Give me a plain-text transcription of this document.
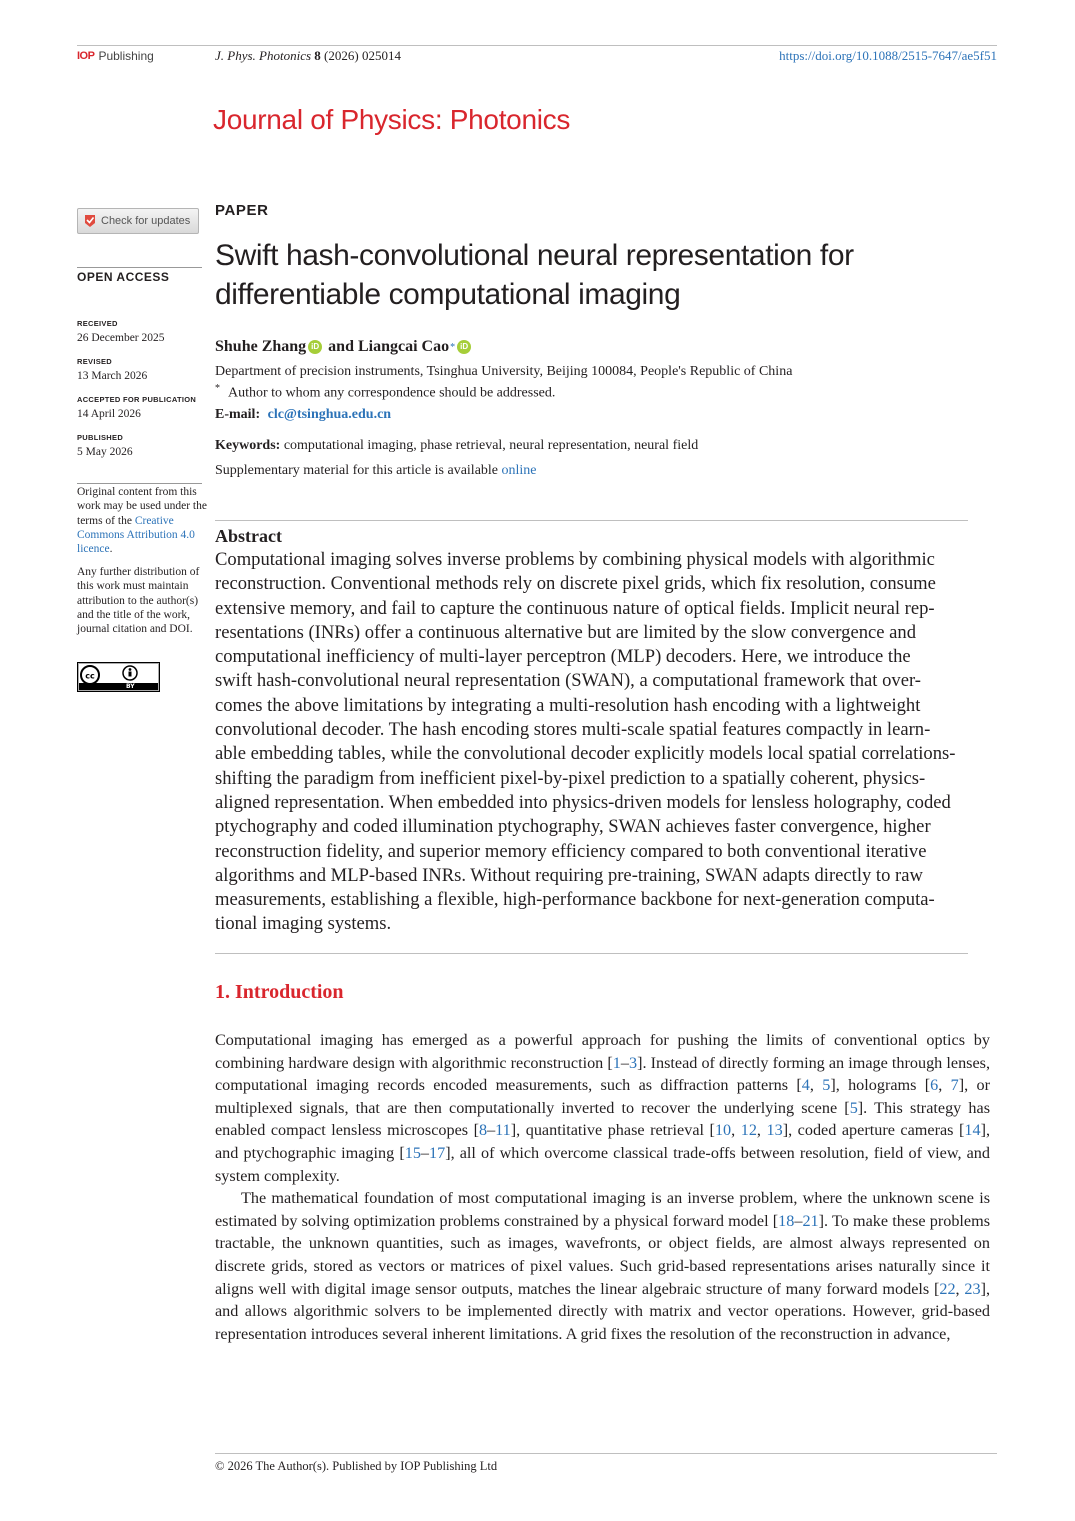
IOP Publishing	J. Phys. Photonics 8 (2026) 025014	https://doi.org/10.1088/2515-7647/ae5f51
Journal of Physics: Photonics
Check for updates
OPEN ACCESS
RECEIVED
26 December 2025
REVISED
13 March 2026
ACCEPTED FOR PUBLICATION
14 April 2026
PUBLISHED
5 May 2026
Original content from this work may be used under the terms of the Creative Commons Attribution 4.0 licence.
Any further distribution of this work must maintain attribution to the author(s) and the title of the work, journal citation and DOI.
cc
BY
PAPER
Swift hash-convolutional neural representation for differentiable computational imaging
Shuhe Zhang iD and Liangcai Cao * iD
Department of precision instruments, Tsinghua University, Beijing 100084, People's Republic of China
* Author to whom any correspondence should be addressed.
E-mail: clc@tsinghua.edu.cn
Keywords: computational imaging, phase retrieval, neural representation, neural field
Supplementary material for this article is available online
Abstract
Computational imaging solves inverse problems by combining physical models with algorithmic
reconstruction. Conventional methods rely on discrete pixel grids, which fix resolution, consume
extensive memory, and fail to capture the continuous nature of optical fields. Implicit neural rep-
resentations (INRs) offer a continuous alternative but are limited by the slow convergence and
computational inefficiency of multi-layer perceptron (MLP) decoders. Here, we introduce the
swift hash-convolutional neural representation (SWAN), a computational framework that over-
comes the above limitations by integrating a multi-resolution hash encoding with a lightweight
convolutional decoder. The hash encoding stores multi-scale spatial features compactly in learn-
able embedding tables, while the convolutional decoder explicitly models local spatial correlations-
shifting the paradigm from inefficient pixel-by-pixel prediction to a spatially coherent, physics-
aligned representation. When embedded into physics-driven models for lensless holography, coded
ptychography and coded illumination ptychography, SWAN achieves faster convergence, higher
reconstruction fidelity, and superior memory efficiency compared to both conventional iterative
algorithms and MLP-based INRs. Without requiring pre-training, SWAN adapts directly to raw
measurements, establishing a flexible, high-performance backbone for next-generation computa-
tional imaging systems.
1. Introduction

Computational imaging has emerged as a powerful approach for pushing the limits of conventional optics by combining hardware design with algorithmic reconstruction [1–3]. Instead of directly forming an image through lenses, computational imaging records encoded measurements, such as diffraction patterns [4, 5], holograms [6, 7], or multiplexed signals, that are then computationally inverted to recover the underlying scene [5]. This strategy has enabled compact lensless microscopes [8–11], quantitative phase retrieval [10, 12, 13], coded aperture cameras [14], and ptychographic imaging [15–17], all of which overcome classical trade-offs between resolution, field of view, and system complexity.

The mathematical foundation of most computational imaging is an inverse problem, where the unknown scene is estimated by solving optimization problems constrained by a physical forward model [18–21]. To make these problems tractable, the unknown quantities, such as images, wavefronts, or object fields, are almost always represented on discrete grids, stored as vectors or matrices of pixel values. Such grid-based representations arises naturally since it aligns well with digital image sensor outputs, matches the linear algebraic structure of many forward models [22, 23], and allows algorithmic solvers to be implemented directly with matrix and vector operations. However, grid-based representation introduces several inherent limitations. A grid fixes the resolution of the reconstruction in advance,

© 2026 The Author(s). Published by IOP Publishing Ltd
